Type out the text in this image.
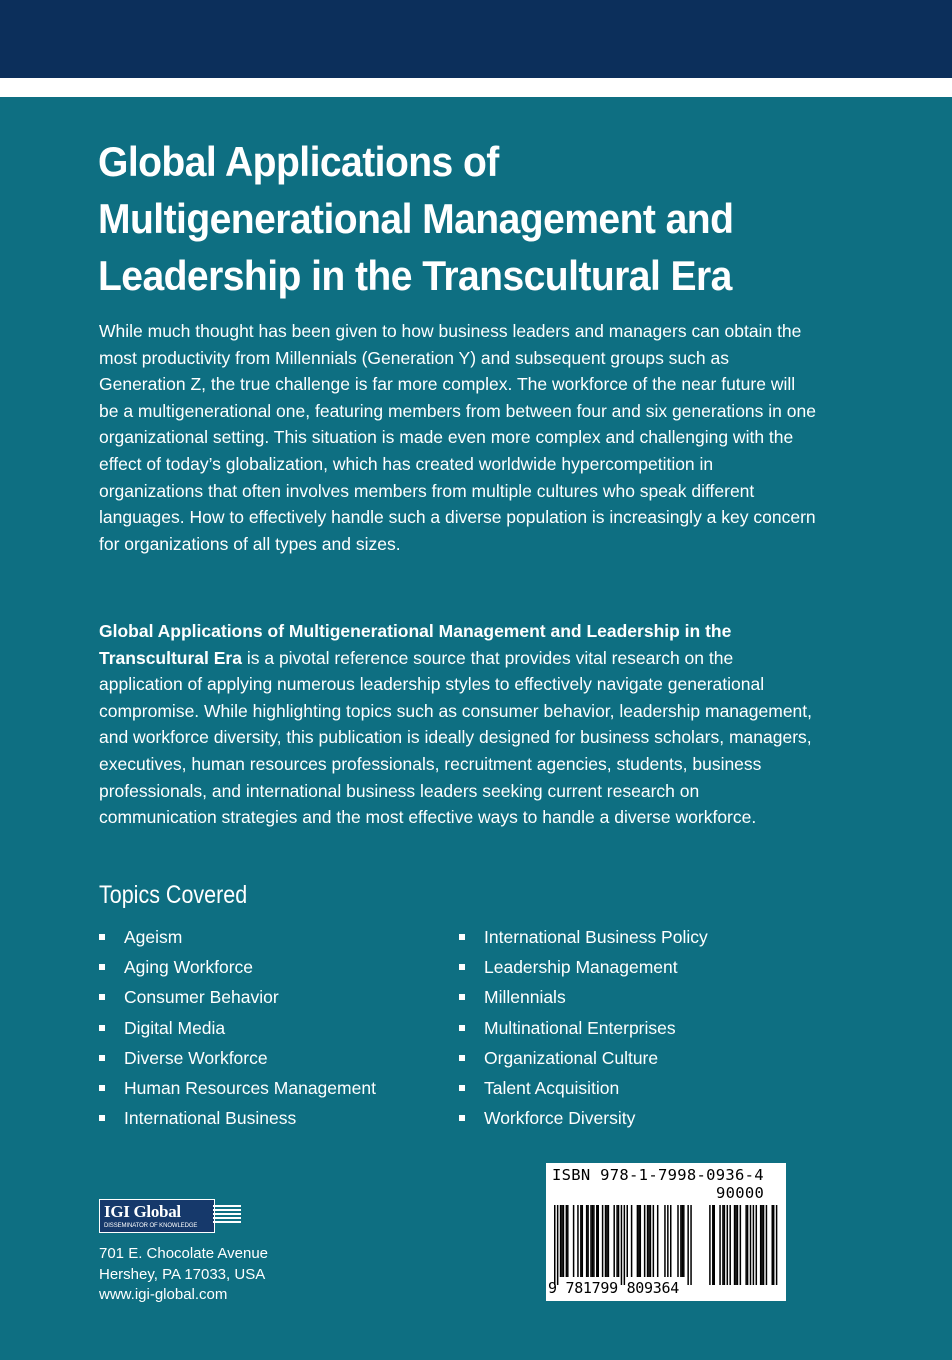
Global Applications of Multigenerational Management and Leadership in the Transcultural Era

While much thought has been given to how business leaders and managers can obtain the most productivity from Millennials (Generation Y) and subsequent groups such as Generation Z, the true challenge is far more complex. The workforce of the near future will be a multigenerational one, featuring members from between four and six generations in one organizational setting. This situation is made even more complex and challenging with the effect of today’s globalization, which has created worldwide hypercompetition in organizations that often involves members from multiple cultures who speak different languages. How to effectively handle such a diverse population is increasingly a key concern for organizations of all types and sizes.

Global Applications of Multigenerational Management and Leadership in the Transcultural Era is a pivotal reference source that provides vital research on the application of applying numerous leadership styles to effectively navigate generational compromise. While highlighting topics such as consumer behavior, leadership management, and workforce diversity, this publication is ideally designed for business scholars, managers, executives, human resources professionals, recruitment agencies, students, business professionals, and international business leaders seeking current research on communication strategies and the most effective ways to handle a diverse workforce.

Topics Covered
Ageism
Aging Workforce
Consumer Behavior
Digital Media
Diverse Workforce
Human Resources Management
International Business
International Business Policy
Leadership Management
Millennials
Multinational Enterprises
Organizational Culture
Talent Acquisition
Workforce Diversity
IGI Global
DISSEMINATOR OF KNOWLEDGE
701 E. Chocolate Avenue
Hershey, PA 17033, USA
www.igi-global.com
ISBN 978-1-7998-0936-4
90000
9 781799 809364
